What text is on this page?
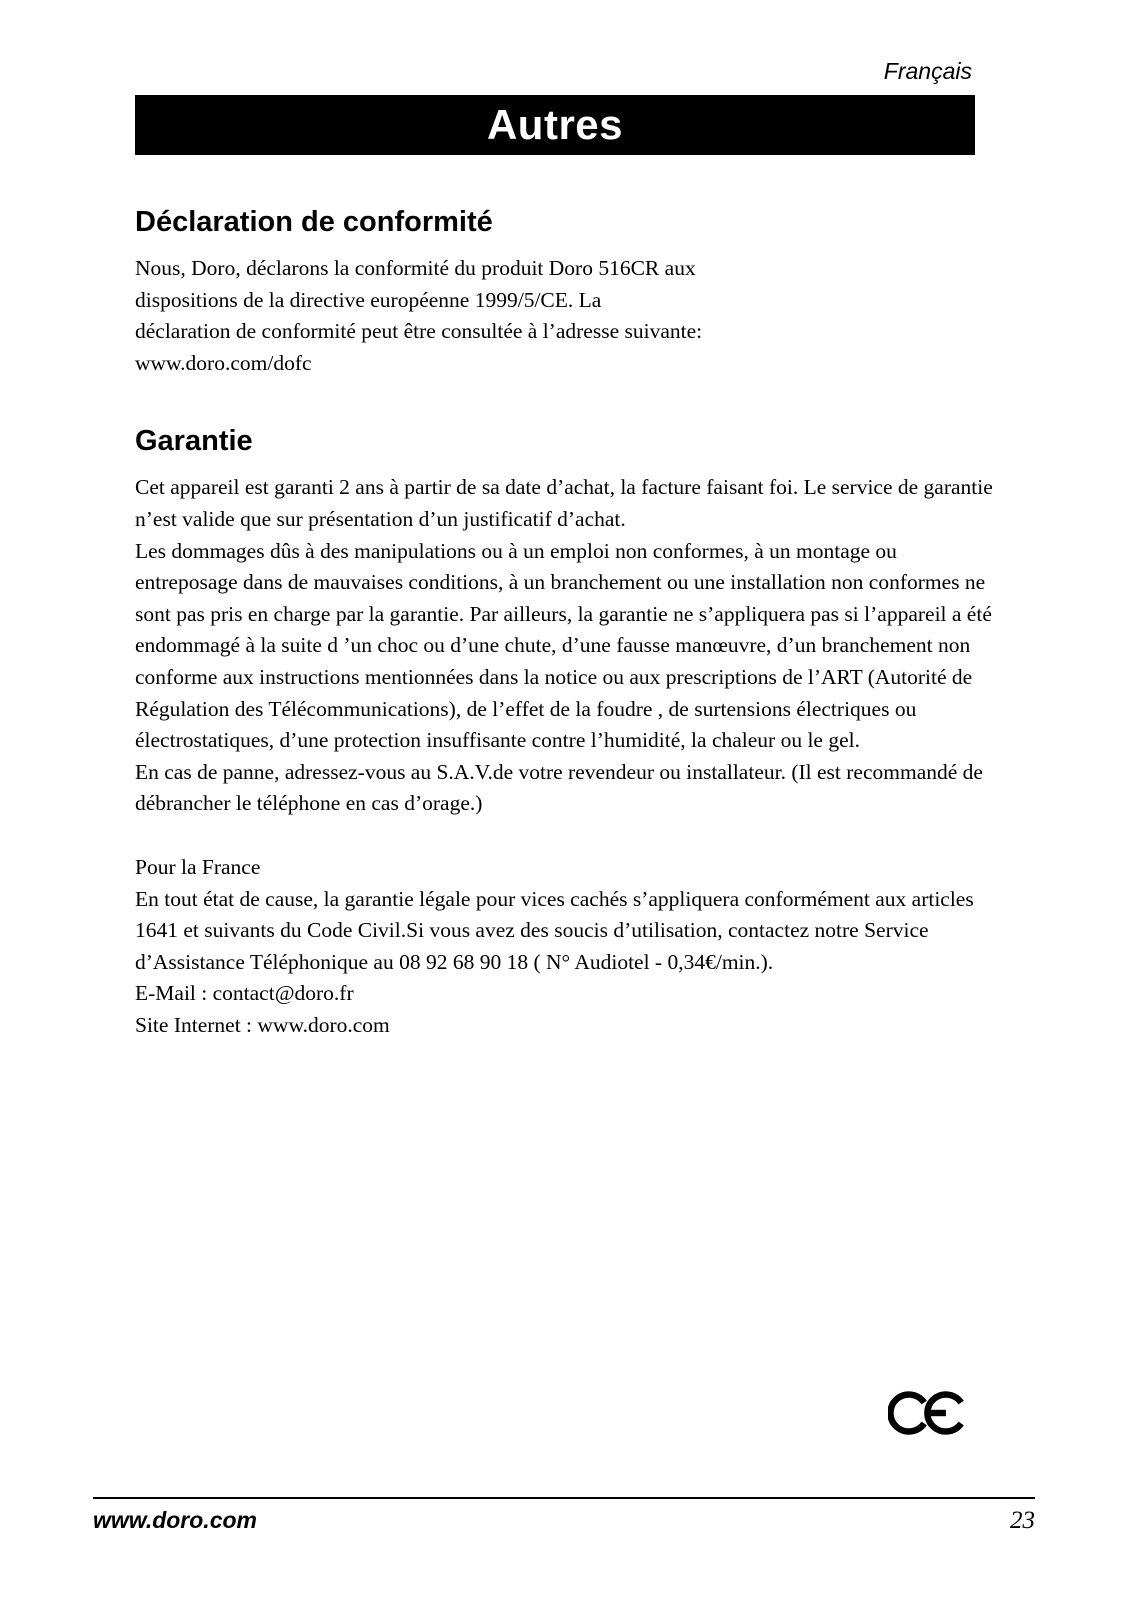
Français
Autres
Déclaration de conformité

Nous, Doro, déclarons la conformité du produit Doro 516CR aux
dispositions de la directive européenne 1999/5/CE. La
déclaration de conformité peut être consultée à l’adresse suivante:
www.doro.com/dofc

Garantie

Cet appareil est garanti 2 ans à partir de sa date d’achat, la facture faisant foi. Le service de garantie n’est valide que sur présentation d’un justificatif d’achat.
Les dommages dûs à des manipulations ou à un emploi non conformes, à un montage ou entreposage dans de mauvaises conditions, à un branchement ou une installation non conformes ne sont pas pris en charge par la garantie. Par ailleurs, la garantie ne s’appliquera pas si l’appareil a été endommagé à la suite d ’un choc ou d’une chute, d’une fausse manœuvre, d’un branchement non conforme aux instructions mentionnées dans la notice ou aux prescriptions de l’ART (Autorité de Régulation des Télécommunications), de l’effet de la foudre , de surtensions électriques ou électrostatiques, d’une protection insuffisante contre l’humidité, la chaleur ou le gel.
En cas de panne, adressez-vous au S.A.V.de votre revendeur ou installateur. (Il est recommandé de débrancher le téléphone en cas d’orage.)

Pour la France
En tout état de cause, la garantie légale pour vices cachés s’appliquera conformément aux articles 1641 et suivants du Code Civil.Si vous avez des soucis d’utilisation, contactez notre Service d’Assistance Téléphonique au 08 92 68 90 18 ( N° Audiotel - 0,34€/min.).
E-Mail : contact@doro.fr
Site Internet : www.doro.com

www.doro.com	23
